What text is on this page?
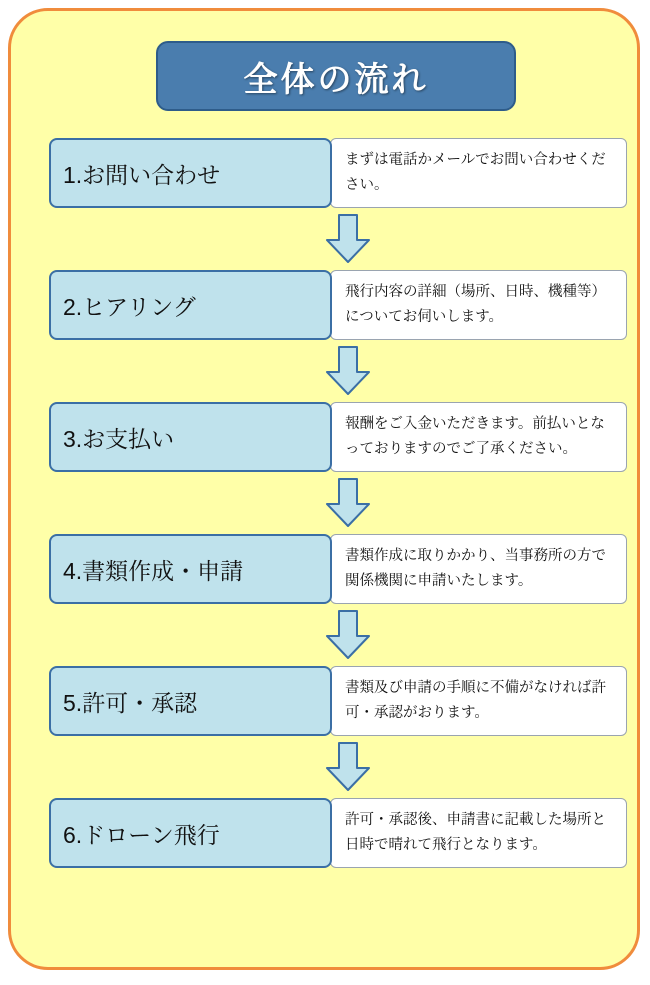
全体の流れ
1.お問い合わせ
まずは電話かメールでお問い合わせください。
2.ヒアリング
飛行内容の詳細（場所、日時、機種等）についてお伺いします。
3.お支払い
報酬をご入金いただきます。前払いとなっておりますのでご了承ください。
4.書類作成・申請
書類作成に取りかかり、当事務所の方で関係機関に申請いたします。
5.許可・承認
書類及び申請の手順に不備がなければ許可・承認がおります。
6.ドローン飛行
許可・承認後、申請書に記載した場所と日時で晴れて飛行となります。
